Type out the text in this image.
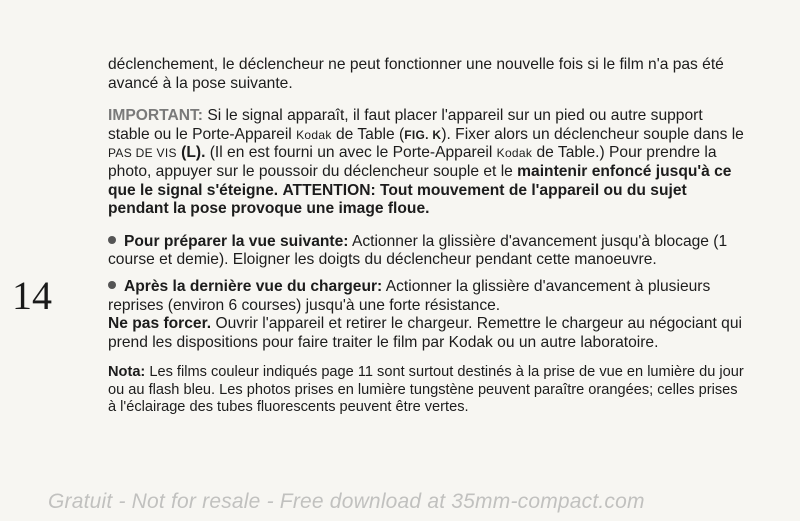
14

déclenchement, le déclencheur ne peut fonctionner une nouvelle fois si le film n'a pas été avancé à la pose suivante.

IMPORTANT: Si le signal apparaît, il faut placer l'appareil sur un pied ou autre support stable ou le Porte-Appareil Kodak de Table (FIG. K). Fixer alors un déclencheur souple dans le PAS DE VIS (L). (Il en est fourni un avec le Porte-Appareil Kodak de Table.) Pour prendre la photo, appuyer sur le poussoir du déclencheur souple et le maintenir enfoncé jusqu'à ce que le signal s'éteigne. ATTENTION: Tout mouvement de l'appareil ou du sujet pendant la pose provoque une image floue.

Pour préparer la vue suivante: Actionner la glissière d'avancement jusqu'à blocage (1 course et demie). Eloigner les doigts du déclencheur pendant cette manoeuvre.

Après la dernière vue du chargeur: Actionner la glissière d'avancement à plusieurs reprises (environ 6 courses) jusqu'à une forte résistance.
Ne pas forcer. Ouvrir l'appareil et retirer le chargeur. Remettre le chargeur au négociant qui prend les dispositions pour faire traiter le film par Kodak ou un autre laboratoire.

Nota: Les films couleur indiqués page 11 sont surtout destinés à la prise de vue en lumière du jour ou au flash bleu. Les photos prises en lumière tungstène peuvent paraître orangées; celles prises à l'éclairage des tubes fluorescents peuvent être vertes.

Gratuit - Not for resale - Free download at 35mm-compact.com
